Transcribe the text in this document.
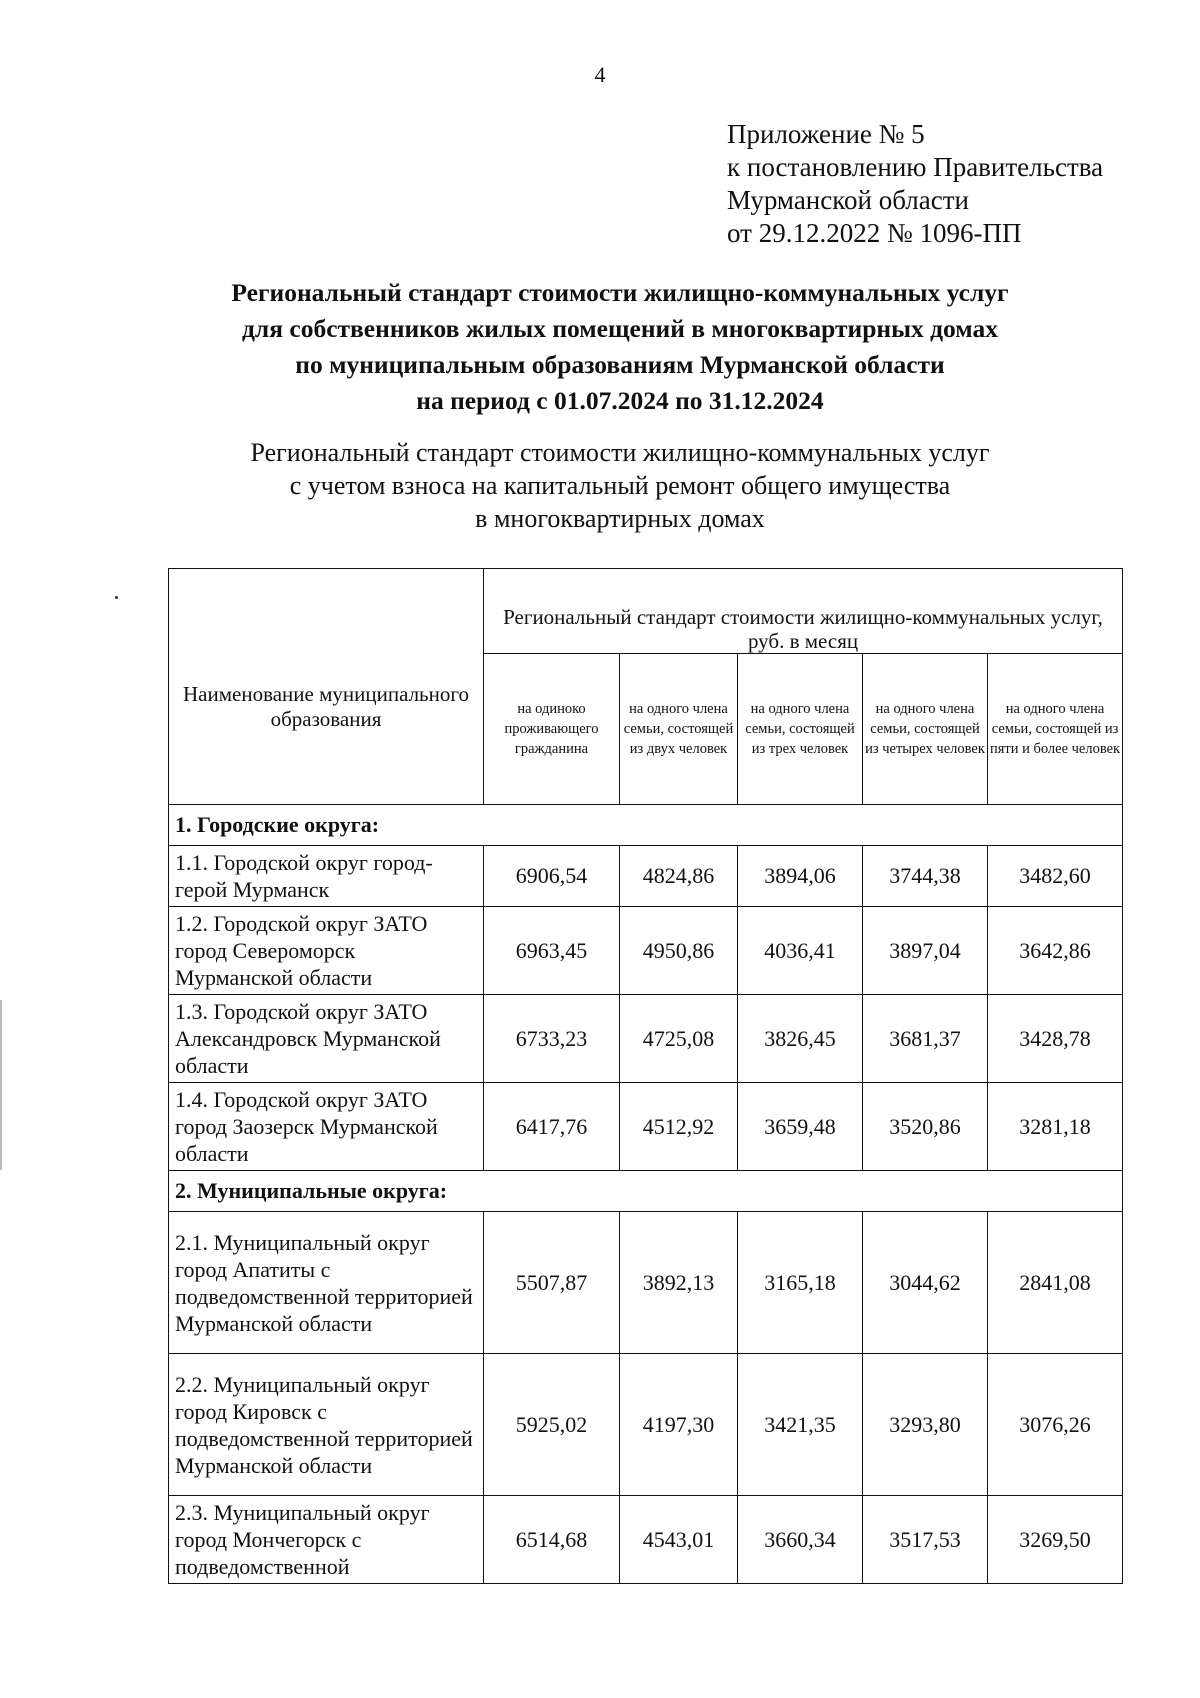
4
Приложение № 5
к постановлению Правительства
Мурманской области
от 29.12.2022 № 1096-ПП
Региональный стандарт стоимости жилищно-коммунальных услуг
для собственников жилых помещений в многоквартирных домах
по муниципальным образованиям Мурманской области
на период с 01.07.2024 по 31.12.2024
Региональный стандарт стоимости жилищно-коммунальных услуг
с учетом взноса на капитальный ремонт общего имущества
в многоквартирных домах
Наименование муниципального образования	Региональный стандарт стоимости жилищно-коммунальных услуг, руб. в месяц				
	на одиноко проживающего гражданина	на одного члена семьи, состоящей из двух человек	на одного члена семьи, состоящей из трех человек	на одного члена семьи, состоящей из четырех человек	на одного члена семьи, состоящей из пяти и более человек
1. Городские округа:					
1.1. Городской округ город-герой Мурманск	6906,54	4824,86	3894,06	3744,38	3482,60
1.2. Городской округ ЗАТО город Североморск Мурманской области	6963,45	4950,86	4036,41	3897,04	3642,86
1.3. Городской округ ЗАТО Александровск Мурманской области	6733,23	4725,08	3826,45	3681,37	3428,78
1.4. Городской округ ЗАТО город Заозерск Мурманской области	6417,76	4512,92	3659,48	3520,86	3281,18
2. Муниципальные округа:					
2.1. Муниципальный округ город Апатиты с подведомственной территорией Мурманской области	5507,87	3892,13	3165,18	3044,62	2841,08
2.2. Муниципальный округ город Кировск с подведомственной территорией Мурманской области	5925,02	4197,30	3421,35	3293,80	3076,26
2.3. Муниципальный округ город Мончегорск с подведомственной	6514,68	4543,01	3660,34	3517,53	3269,50
